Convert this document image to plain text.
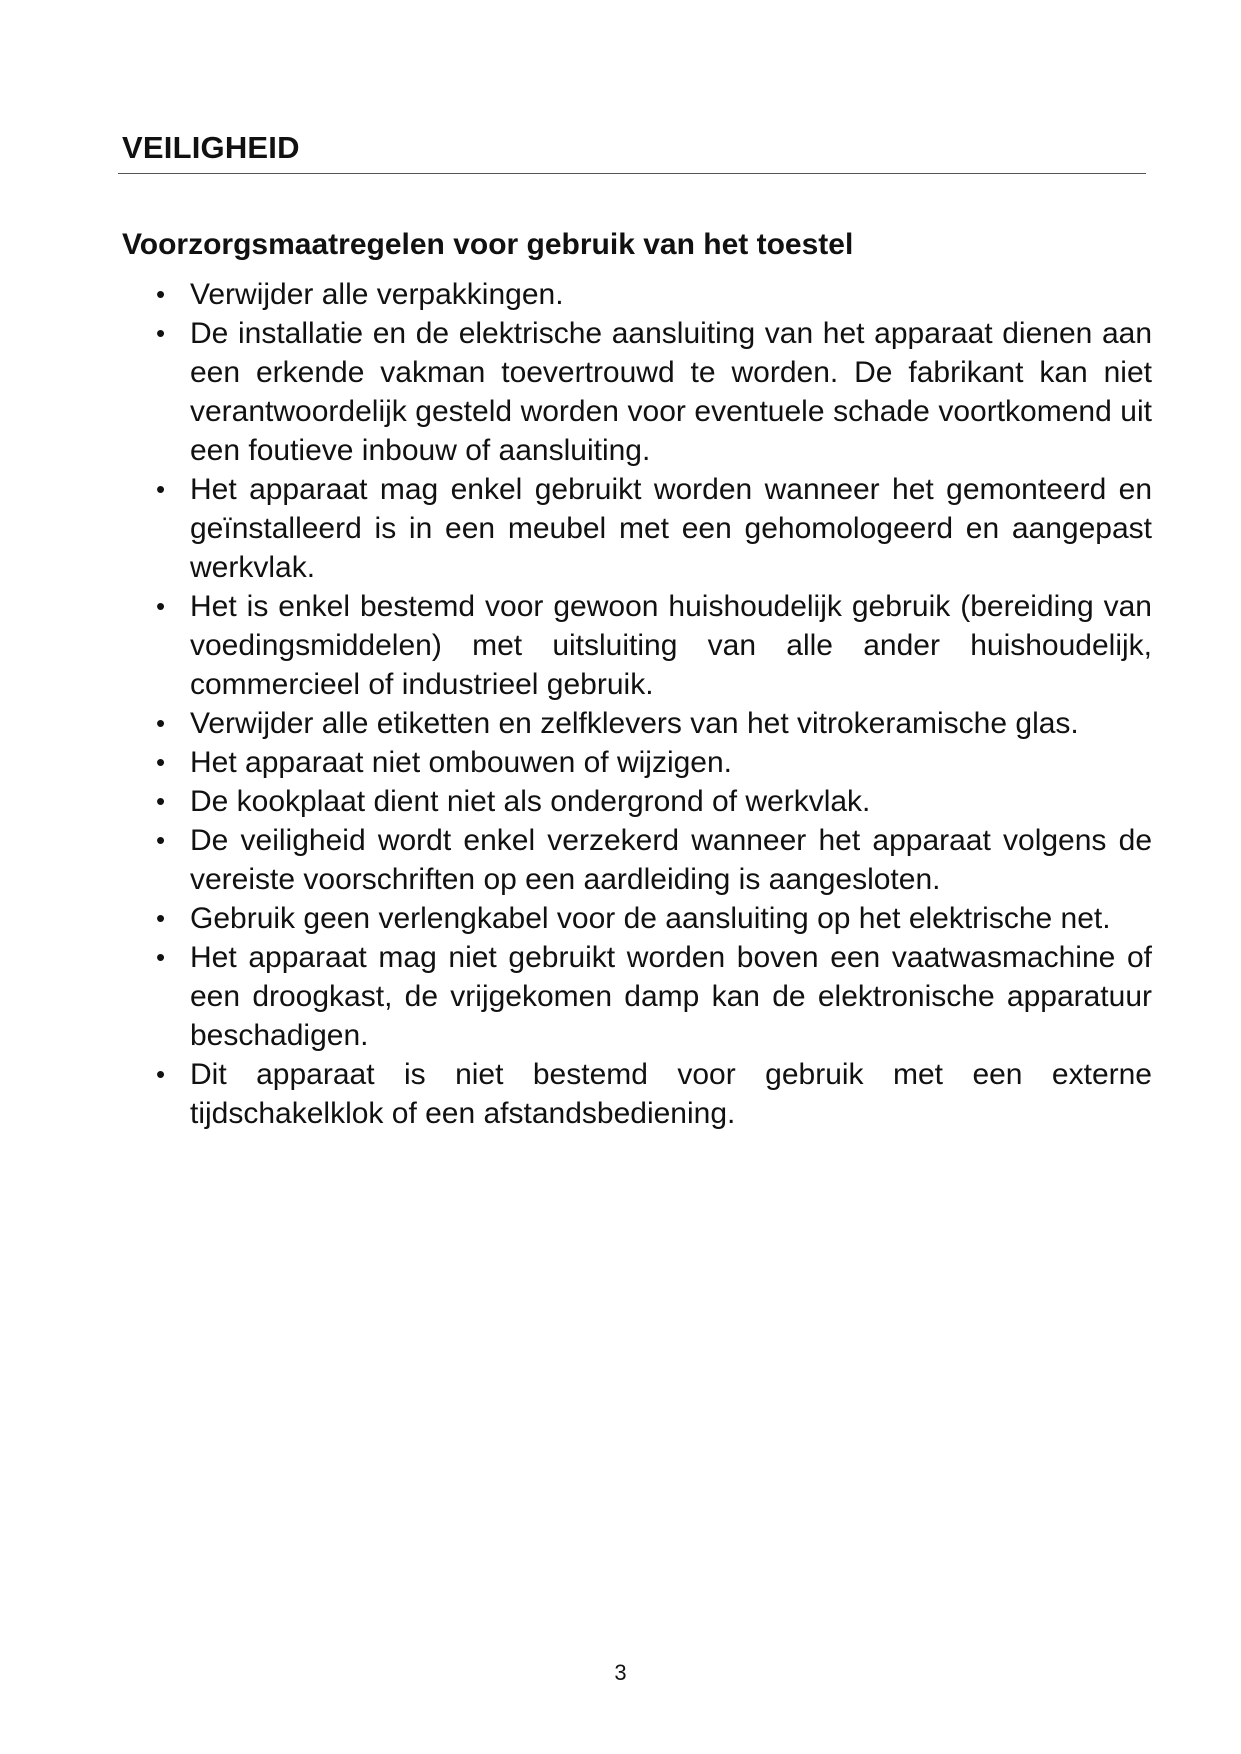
VEILIGHEID
Voorzorgsmaatregelen voor gebruik van het toestel
• Verwijder alle verpakkingen.
• De installatie en de elektrische aansluiting van het apparaat dienen aan een erkende vakman toevertrouwd te worden. De fabrikant kan niet verantwoordelijk gesteld worden voor eventuele schade voortkomend uit een foutieve inbouw of aansluiting.
• Het apparaat mag enkel gebruikt worden wanneer het gemonteerd en geïnstalleerd is in een meubel met een gehomologeerd en aangepast werkvlak.
• Het is enkel bestemd voor gewoon huishoudelijk gebruik (bereiding van voedingsmiddelen) met uitsluiting van alle ander huishoudelijk, commercieel of industrieel gebruik.
• Verwijder alle etiketten en zelfklevers van het vitrokeramische glas.
• Het apparaat niet ombouwen of wijzigen.
• De kookplaat dient niet als ondergrond of werkvlak.
• De veiligheid wordt enkel verzekerd wanneer het apparaat volgens de vereiste voorschriften op een aardleiding is aangesloten.
• Gebruik geen verlengkabel voor de aansluiting op het elektrische net.
• Het apparaat mag niet gebruikt worden boven een vaatwasmachine of een droogkast, de vrijgekomen damp kan de elektronische apparatuur beschadigen.
• Dit apparaat is niet bestemd voor gebruik met een externe tijdschakelklok of een afstandsbediening.
3
